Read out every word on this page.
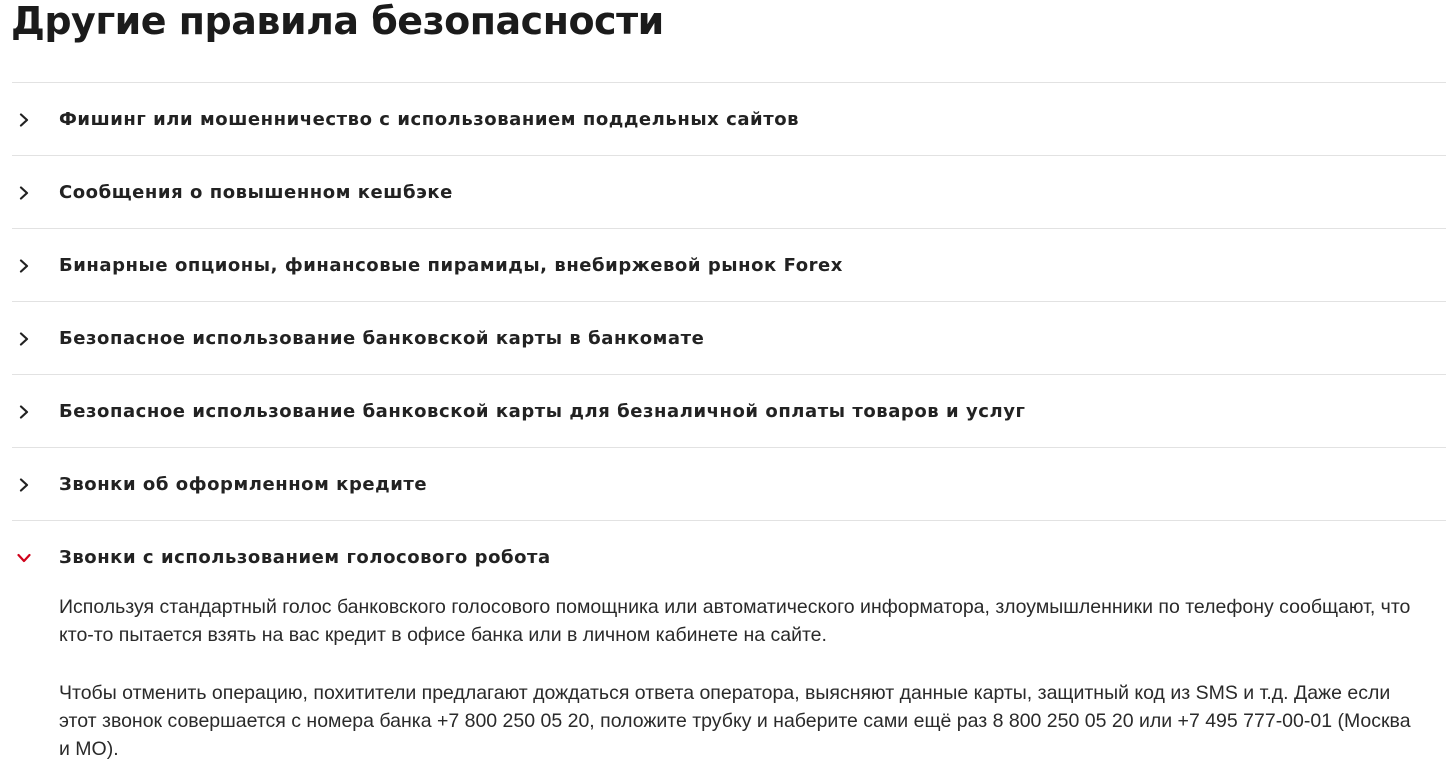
Другие правила безопасности
Фишинг или мошенничество с использованием поддельных сайтов
Сообщения о повышенном кешбэке
Бинарные опционы, финансовые пирамиды, внебиржевой рынок Forex
Безопасное использование банковской карты в банкомате
Безопасное использование банковской карты для безналичной оплаты товаров и услуг
Звонки об оформленном кредите
Звонки с использованием голосового робота

Используя стандартный голос банковского голосового помощника или автоматического информатора, злоумышленники по телефону сообщают, что кто-то пытается взять на вас кредит в офисе банка или в личном кабинете на сайте.

Чтобы отменить операцию, похитители предлагают дождаться ответа оператора, выясняют данные карты, защитный код из SMS и т.д. Даже если этот звонок совершается с номера банка +7 800 250 05 20, положите трубку и наберите сами ещё раз 8 800 250 05 20 или +7 495 777-00-01 (Москва и МО).
